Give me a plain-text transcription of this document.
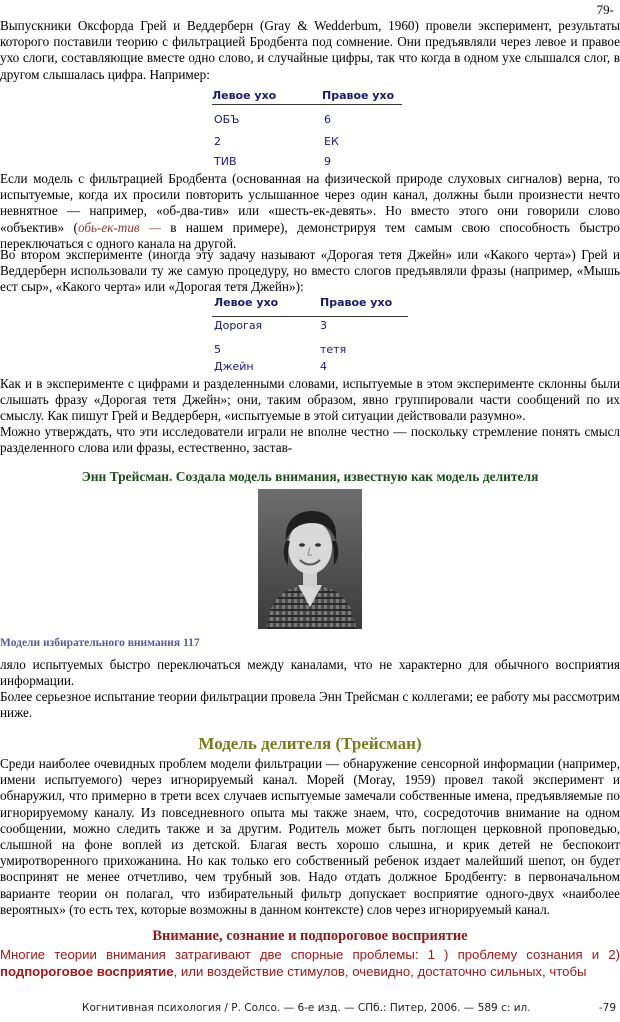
79-

Выпускники Оксфорда Грей и Веддерберн (Gray & Wedderbum, 1960) провели эксперимент, результаты которого поставили теорию с фильтрацией Бродбента под сомнение. Они предъявляли через левое и правое ухо слоги, составляющие вместе одно слово, и случайные цифры, так что когда в одном ухе слышался слог, в другом слышалась цифра. Например:

Левое ухо	Правое ухо
ОБЪ	6
2	ЕК
ТИВ	9

Если модель с фильтрацией Бродбента (основанная на физической природе слуховых сигналов) верна, то испытуемые, когда их просили повторить услышанное через один канал, должны были произнести нечто невнятное — например, «об-два-тив» или «шесть-ек-девять». Но вместо этого они говорили слово «объектив» (обь-ек-тив — в нашем примере), демонстрируя тем самым свою способность быстро переключаться с одного канала на другой.

Во втором эксперименте (иногда эту задачу называют «Дорогая тетя Джейн» или «Какого черта») Грей и Веддерберн использовали ту же самую процедуру, но вместо слогов предъявляли фразы (например, «Мышь ест сыр», «Какого черта» или «Дорогая тетя Джейн»):

Левое ухо	Правое ухо
Дорогая	3
5	тетя
Джейн	4

Как и в эксперименте с цифрами и разделенными словами, испытуемые в этом эксперименте склонны были слышать фразу «Дорогая тетя Джейн»; они, таким образом, явно группировали части сообщений по их смыслу. Как пишут Грей и Веддерберн, «испытуемые в этой ситуации действовали разумно».

Можно утверждать, что эти исследователи играли не вполне честно — поскольку стремление понять смысл разделенного слова или фразы, естественно, застав-

Энн Трейсман. Создала модель внимания, известную как модель делителя
Модели избирательного внимания 117

ляло испытуемых быстро переключаться между каналами, что не характерно для обычного восприятия информации.

Более серьезное испытание теории фильтрации провела Энн Трейсман с коллегами; ее работу мы рассмотрим ниже.

Модель делителя (Трейсман)

Среди наиболее очевидных проблем модели фильтрации — обнаружение сенсорной информации (например, имени испытуемого) через игнорируемый канал. Морей (Moray, 1959) провел такой эксперимент и обнаружил, что примерно в трети всех случаев испытуемые замечали собственные имена, предъявляемые по игнорируемому каналу. Из повседневного опыта мы также знаем, что, сосредоточив внимание на одном сообщении, можно следить также и за другим. Родитель может быть поглощен церковной проповедью, слышной на фоне воплей из детской. Благая весть хорошо слышна, и крик детей не беспокоит умиротворенного прихожанина. Но как только его собственный ребенок издает малейший шепот, он будет воспринят не менее отчетливо, чем трубный зов. Надо отдать должное Бродбенту: в первоначальном варианте теории он полагал, что избирательный фильтр допускает восприятие одного-двух «наиболее вероятных» (то есть тех, которые возможны в данном контексте) слов через игнорируемый канал.

Внимание, сознание и подпороговое восприятие

Многие теории внимания затрагивают две спорные проблемы: 1 ) проблему сознания и 2) подпороговое восприятие, или воздействие стимулов, очевидно, достаточно сильных, чтобы

Когнитивная психология / Р. Солсо. — 6-е изд. — СПб.: Питер, 2006. — 589 с: ил.	-79
